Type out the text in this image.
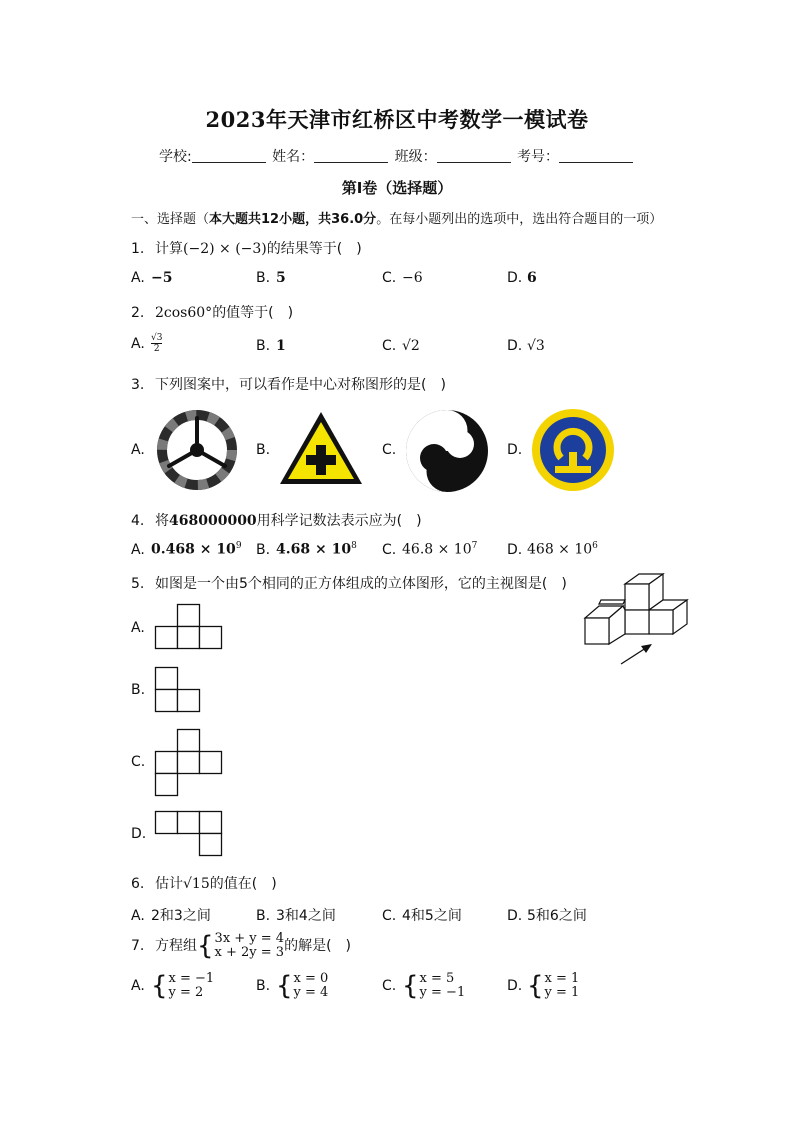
2023年天津市红桥区中考数学一模试卷
学校:	姓名：	班级：	考号：
第I卷（选择题）
一、选择题（本大题共12小题，共36.0分。在每小题列出的选项中，选出符合题目的一项）
1. 计算(−2) × (−3)的结果等于(　)
A. −5	B. 5	C. −6	D. 6
2. 2cos60°的值等于(　)
A. $\frac{√3}{2}$	B. 1	C. √2	D. √3
3. 下列图案中，可以看作是中心对称图形的是(　)
A.	B.	C.	D.
4. 将468000000用科学记数法表示应为(　)
A. $0.468 \times 10^9$ B. $4.68 \times 10^8$ C. $46.8 \times 10^7$ D. $468 \times 10^6$
5. 如图是一个由5个相同的正方体组成的立体图形，它的主视图是(　)
A.
B.
C.
D.
6. 估计√15的值在(　)
A. 2和3之间	B. 3和4之间	C. 4和5之间	D. 5和6之间
7. 方程组{3x + y = 4
x + 2y = 3的解是(　)
A. {x = −1
y = 2	B. {x = 0
y = 4	C. {x = 5
y = −1	D. {x = 1
y = 1
